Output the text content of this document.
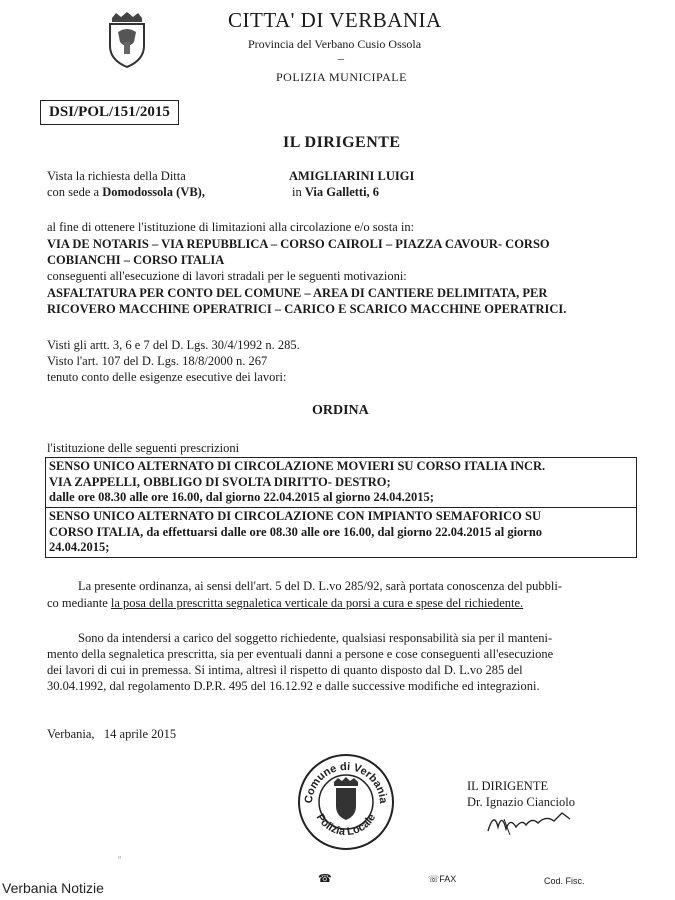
CITTA' DI VERBANIA
Provincia del Verbano Cusio Ossola
–
POLIZIA MUNICIPALE
DSI/POL/151/2015
IL DIRIGENTE
Vista la richiesta della Ditta	AMIGLIARINI LUIGI
con sede a Domodossola (VB),	in Via Galletti, 6
al fine di ottenere l'istituzione di limitazioni alla circolazione e/o sosta in:
VIA DE NOTARIS – VIA REPUBBLICA – CORSO CAIROLI – PIAZZA CAVOUR- CORSO
COBIANCHI – CORSO ITALIA
conseguenti all'esecuzione di lavori stradali per le seguenti motivazioni:
ASFALTATURA PER CONTO DEL COMUNE – AREA DI CANTIERE DELIMITATA, PER
RICOVERO MACCHINE OPERATRICI – CARICO E SCARICO MACCHINE OPERATRICI.
Visti gli artt. 3, 6 e 7 del D. Lgs. 30/4/1992 n. 285.
Visto l'art. 107 del D. Lgs. 18/8/2000 n. 267
tenuto conto delle esigenze esecutive dei lavori:
ORDINA
l'istituzione delle seguenti prescrizioni
SENSO UNICO ALTERNATO DI CIRCOLAZIONE MOVIERI SU CORSO ITALIA INCR.
VIA ZAPPELLI, OBBLIGO DI SVOLTA DIRITTO- DESTRO;
dalle ore 08.30 alle ore 16.00, dal giorno 22.04.2015 al giorno 24.04.2015;
SENSO UNICO ALTERNATO DI CIRCOLAZIONE CON IMPIANTO SEMAFORICO SU
CORSO ITALIA, da effettuarsi dalle ore 08.30 alle ore 16.00, dal giorno 22.04.2015 al giorno
24.04.2015;
La presente ordinanza, ai sensi dell'art. 5 del D. L.vo 285/92, sarà portata conoscenza del pubbli-
co mediante la posa della prescritta segnaletica verticale da porsi a cura e spese del richiedente.
Sono da intendersi a carico del soggetto richiedente, qualsiasi responsabilità sia per il manteni-
mento della segnaletica prescritta, sia per eventuali danni a persone e cose conseguenti all'esecuzione
dei lavori di cui in premessa. Si intima, altresì il rispetto di quanto disposto dal D. L.vo 285 del
30.04.1992, dal regolamento D.P.R. 495 del 16.12.92 e dalle successive modifiche ed integrazioni.
Verbania,   14 aprile 2015
Comune di Verbania
Polizia Locale
IL DIRIGENTE
Dr. Ignazio Cianciolo
☎	☏FAX	Cod. Fisc.
▫
Verbania Notizie
